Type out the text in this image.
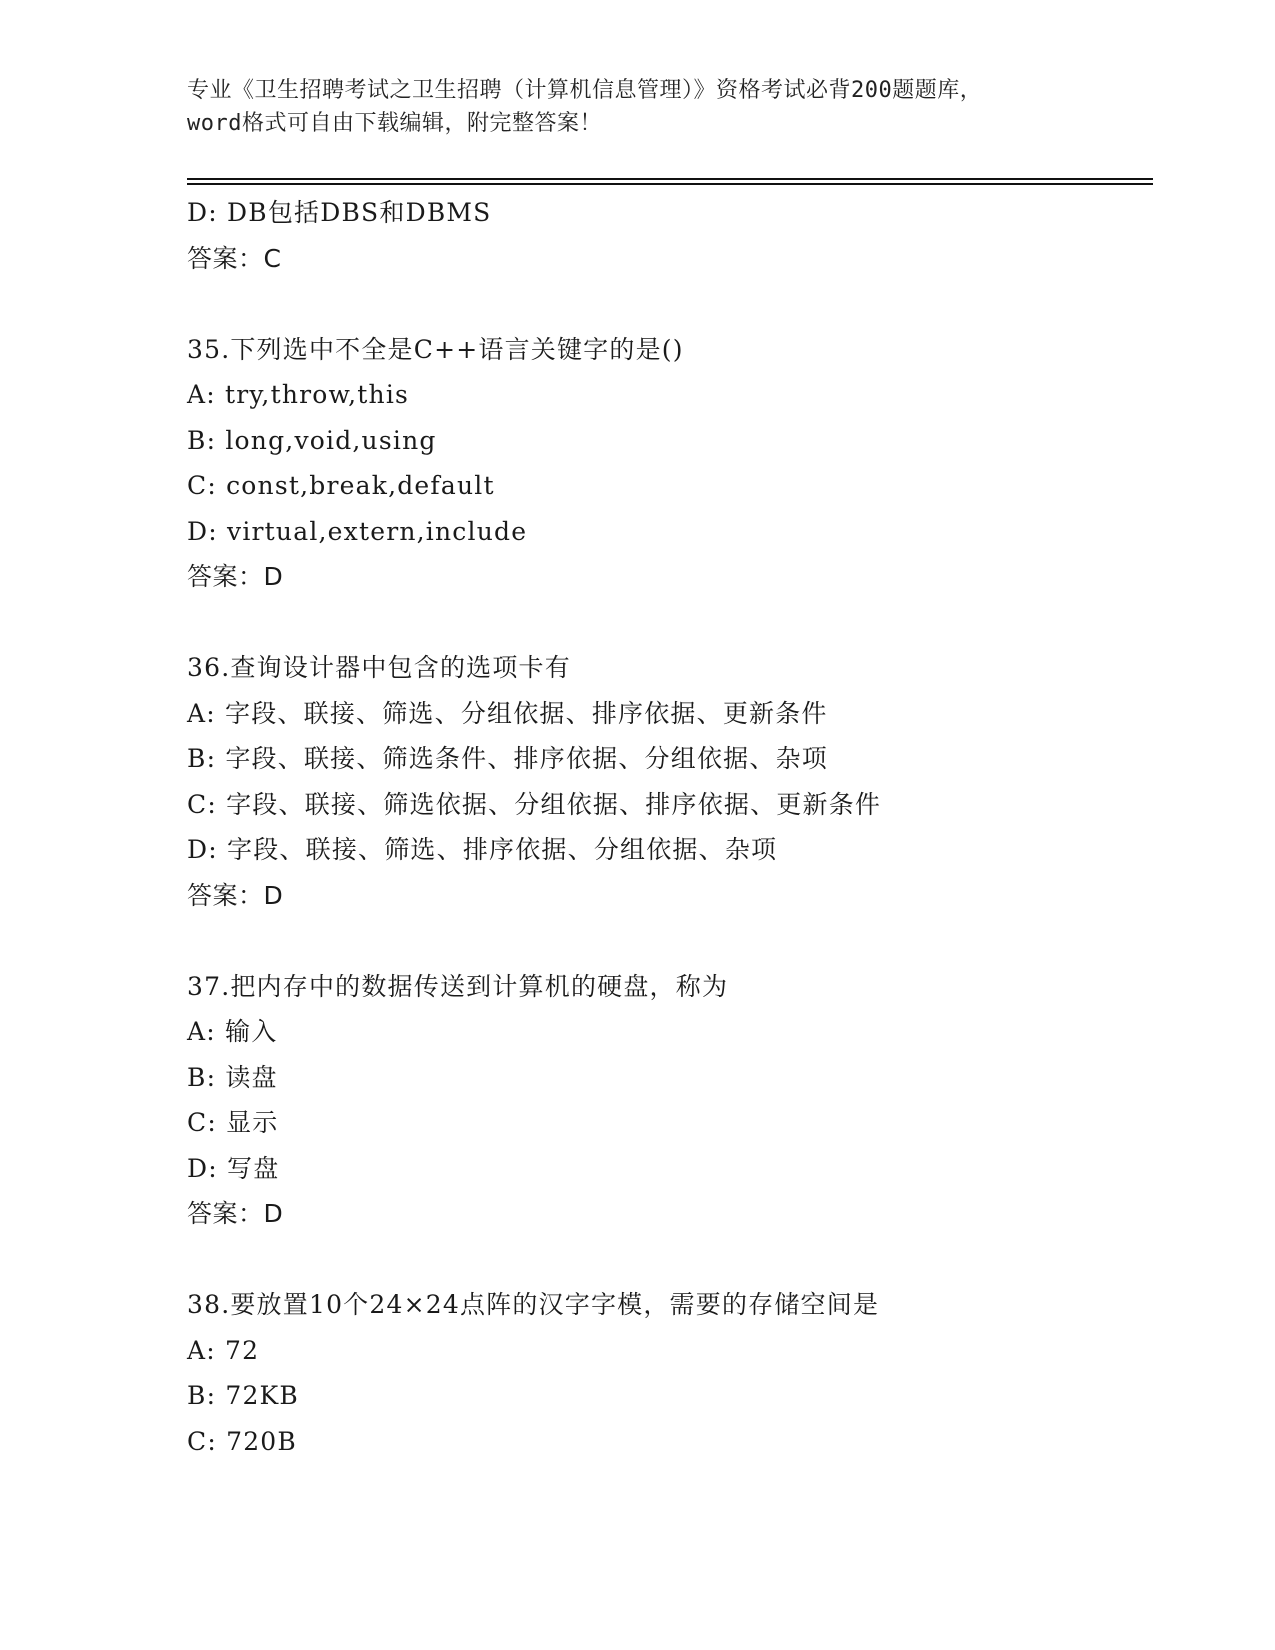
专业《卫生招聘考试之卫生招聘（计算机信息管理）》资格考试必背200题题库，
word格式可自由下载编辑，附完整答案！
D: DB包括DBS和DBMS
答案：C
35.下列选中不全是C++语言关键字的是()
A: try,throw,this
B: long,void,using
C: const,break,default
D: virtual,extern,include
答案：D
36.查询设计器中包含的选项卡有
A: 字段、联接、筛选、分组依据、排序依据、更新条件
B: 字段、联接、筛选条件、排序依据、分组依据、杂项
C: 字段、联接、筛选依据、分组依据、排序依据、更新条件
D: 字段、联接、筛选、排序依据、分组依据、杂项
答案：D
37.把内存中的数据传送到计算机的硬盘，称为
A: 输入
B: 读盘
C: 显示
D: 写盘
答案：D
38.要放置10个24×24点阵的汉字字模，需要的存储空间是
A: 72
B: 72KB
C: 720B
